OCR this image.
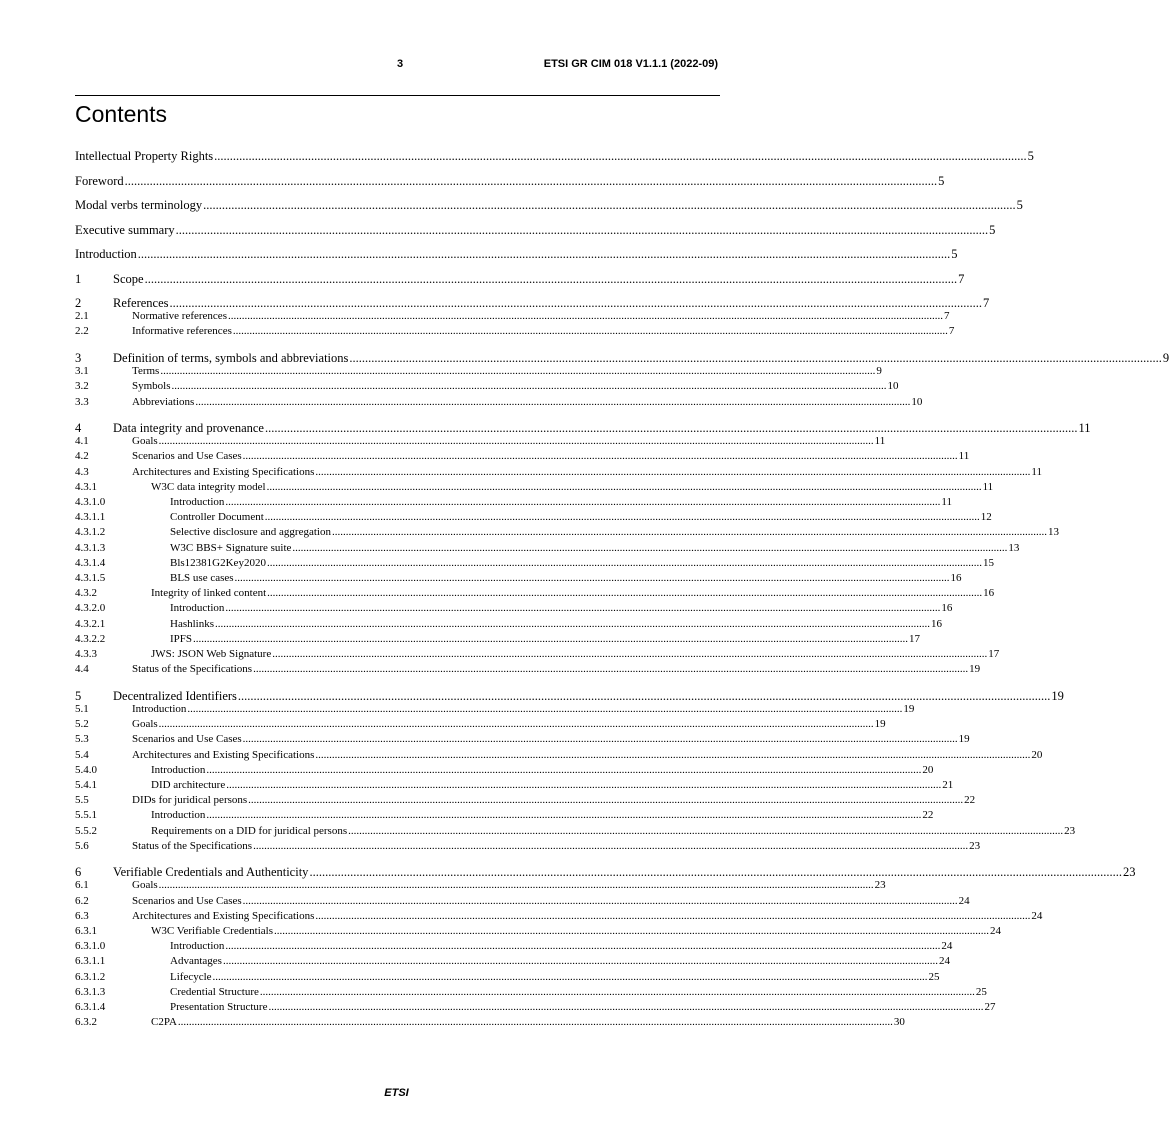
3	ETSI GR CIM 018 V1.1.1 (2022-09)
Contents
Intellectual Property Rights .................................................................................................................................................................................................................................................................... 5
Foreword .................................................................................................................................................................................................................................................................... 5
Modal verbs terminology .................................................................................................................................................................................................................................................................... 5
Executive summary .................................................................................................................................................................................................................................................................... 5
Introduction .................................................................................................................................................................................................................................................................... 5
1	Scope .................................................................................................................................................................................................................................................................... 7
2	References .................................................................................................................................................................................................................................................................... 7
2.1	Normative references .................................................................................................................................................................................................................................................................... 7
2.2	Informative references .................................................................................................................................................................................................................................................................... 7
3	Definition of terms, symbols and abbreviations .................................................................................................................................................................................................................................................................... 9
3.1	Terms .................................................................................................................................................................................................................................................................... 9
3.2	Symbols .................................................................................................................................................................................................................................................................... 10
3.3	Abbreviations .................................................................................................................................................................................................................................................................... 10
4	Data integrity and provenance .................................................................................................................................................................................................................................................................... 11
4.1	Goals .................................................................................................................................................................................................................................................................... 11
4.2	Scenarios and Use Cases .................................................................................................................................................................................................................................................................... 11
4.3	Architectures and Existing Specifications .................................................................................................................................................................................................................................................................... 11
4.3.1	W3C data integrity model .................................................................................................................................................................................................................................................................... 11
4.3.1.0	Introduction .................................................................................................................................................................................................................................................................... 11
4.3.1.1	Controller Document .................................................................................................................................................................................................................................................................... 12
4.3.1.2	Selective disclosure and aggregation .................................................................................................................................................................................................................................................................... 13
4.3.1.3	W3C BBS+ Signature suite .................................................................................................................................................................................................................................................................... 13
4.3.1.4	Bls12381G2Key2020 .................................................................................................................................................................................................................................................................... 15
4.3.1.5	BLS use cases .................................................................................................................................................................................................................................................................... 16
4.3.2	Integrity of linked content .................................................................................................................................................................................................................................................................... 16
4.3.2.0	Introduction .................................................................................................................................................................................................................................................................... 16
4.3.2.1	Hashlinks .................................................................................................................................................................................................................................................................... 16
4.3.2.2	IPFS .................................................................................................................................................................................................................................................................... 17
4.3.3	JWS: JSON Web Signature .................................................................................................................................................................................................................................................................... 17
4.4	Status of the Specifications .................................................................................................................................................................................................................................................................... 19
5	Decentralized Identifiers .................................................................................................................................................................................................................................................................... 19
5.1	Introduction .................................................................................................................................................................................................................................................................... 19
5.2	Goals .................................................................................................................................................................................................................................................................... 19
5.3	Scenarios and Use Cases .................................................................................................................................................................................................................................................................... 19
5.4	Architectures and Existing Specifications .................................................................................................................................................................................................................................................................... 20
5.4.0	Introduction .................................................................................................................................................................................................................................................................... 20
5.4.1	DID architecture .................................................................................................................................................................................................................................................................... 21
5.5	DIDs for juridical persons .................................................................................................................................................................................................................................................................... 22
5.5.1	Introduction .................................................................................................................................................................................................................................................................... 22
5.5.2	Requirements on a DID for juridical persons .................................................................................................................................................................................................................................................................... 23
5.6	Status of the Specifications .................................................................................................................................................................................................................................................................... 23
6	Verifiable Credentials and Authenticity .................................................................................................................................................................................................................................................................... 23
6.1	Goals .................................................................................................................................................................................................................................................................... 23
6.2	Scenarios and Use Cases .................................................................................................................................................................................................................................................................... 24
6.3	Architectures and Existing Specifications .................................................................................................................................................................................................................................................................... 24
6.3.1	W3C Verifiable Credentials .................................................................................................................................................................................................................................................................... 24
6.3.1.0	Introduction .................................................................................................................................................................................................................................................................... 24
6.3.1.1	Advantages .................................................................................................................................................................................................................................................................... 24
6.3.1.2	Lifecycle .................................................................................................................................................................................................................................................................... 25
6.3.1.3	Credential Structure .................................................................................................................................................................................................................................................................... 25
6.3.1.4	Presentation Structure .................................................................................................................................................................................................................................................................... 27
6.3.2	C2PA .................................................................................................................................................................................................................................................................... 30
ETSI
